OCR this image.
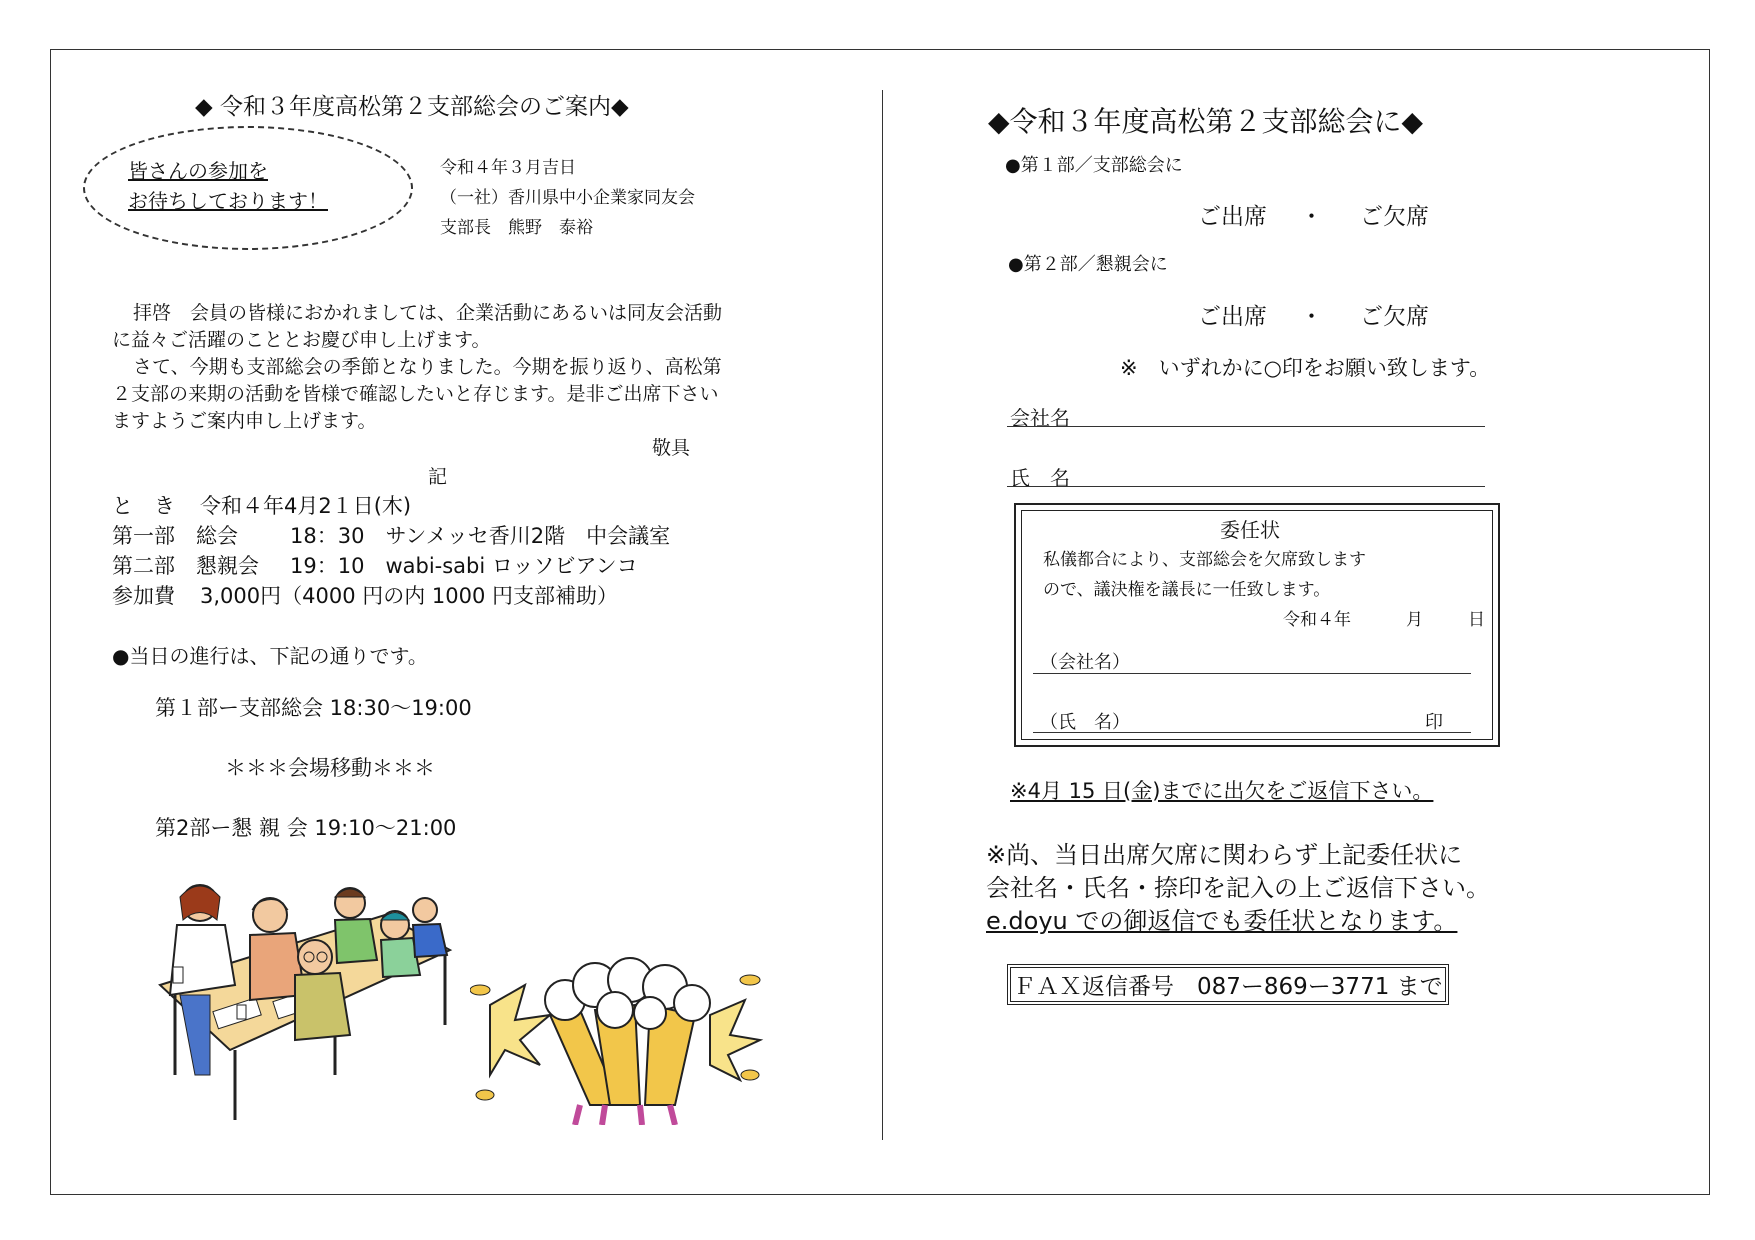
◆ 令和３年度高松第２支部総会のご案内◆
皆さんの参加を
お待ちしております！
令和４年３月吉日
（一社）香川県中小企業家同友会
支部長　熊野　泰裕
拝啓　会員の皆様におかれましては、企業活動にあるいは同友会活動
に益々ご活躍のこととお慶び申し上げます。
さて、今期も支部総会の季節となりました。今期を振り返り、高松第
２支部の来期の活動を皆様で確認したいと存じます。是非ご出席下さい
ますようご案内申し上げます。
敬具
記
と　き 令和４年4月2１日(木)
第一部　総会 18：30　サンメッセ香川2階　中会議室
第二部　懇親会 19：10　wabi-sabi ロッソビアンコ
参加費 3,000円（4000 円の内 1000 円支部補助）
●当日の進行は、下記の通りです。
第１部ー支部総会 18:30～19:00
＊＊＊会場移動＊＊＊
第2部ー懇 親 会 19:10～21:00
◆令和３年度高松第２支部総会に◆
●第１部／支部総会に
ご出席 ・ ご欠席
●第２部／懇親会に
ご出席 ・ ご欠席
※　いずれかに○印をお願い致します。
会社名
氏　名
委任状
私儀都合により、支部総会を欠席致します
ので、議決権を議長に一任致します。
令和４年	月	日
（会社名）
（氏　名）	印
※4月 15 日(金)までに出欠をご返信下さい。
※尚、当日出席欠席に関わらず上記委任状に
会社名・氏名・捺印を記入の上ご返信下さい。
e.doyu での御返信でも委任状となります。
ＦＡＸ返信番号　087ー869ー3771 まで
